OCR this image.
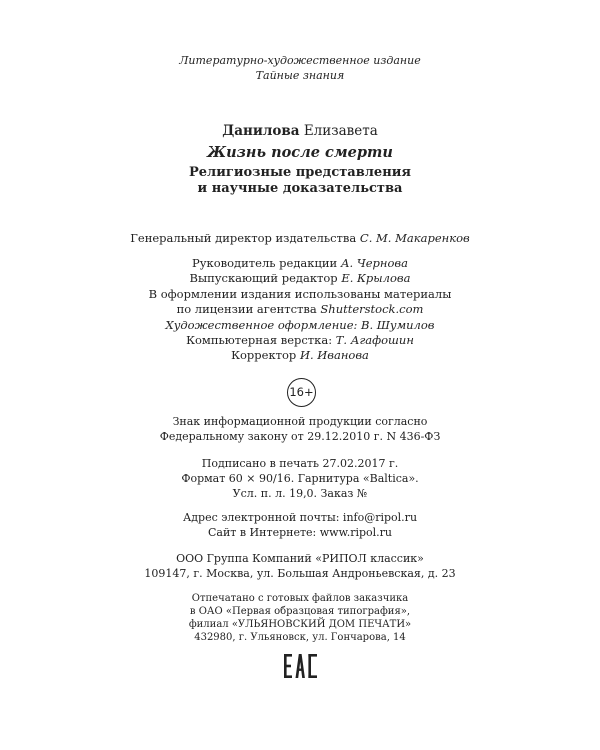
Литературно-художественное издание
Тайные знания
Данилова Елизавета
Жизнь после смерти
Религиозные представления
и научные доказательства
Генеральный директор издательства С. М. Макаренков
Руководитель редакции А. Чернова
Выпускающий редактор Е. Крылова
В оформлении издания использованы материалы
по лицензии агентства Shutterstock.com
Художественное оформление: В. Шумилов
Компьютерная верстка: Т. Агафошин
Корректор И. Иванова
16+
Знак информационной продукции согласно
Федеральному закону от 29.12.2010 г. N 436-ФЗ
Подписано в печать 27.02.2017 г.
Формат 60 × 90/16. Гарнитура «Baltica».
Усл. п. л. 19,0. Заказ №
Адрес электронной почты: info@ripol.ru
Сайт в Интернете: www.ripol.ru
ООО Группа Компаний «РИПОЛ классик»
109147, г. Москва, ул. Большая Андроньевская, д. 23
Отпечатано с готовых файлов заказчика
в ОАО «Первая образцовая типография»,
филиал «УЛЬЯНОВСКИЙ ДОМ ПЕЧАТИ»
432980, г. Ульяновск, ул. Гончарова, 14
